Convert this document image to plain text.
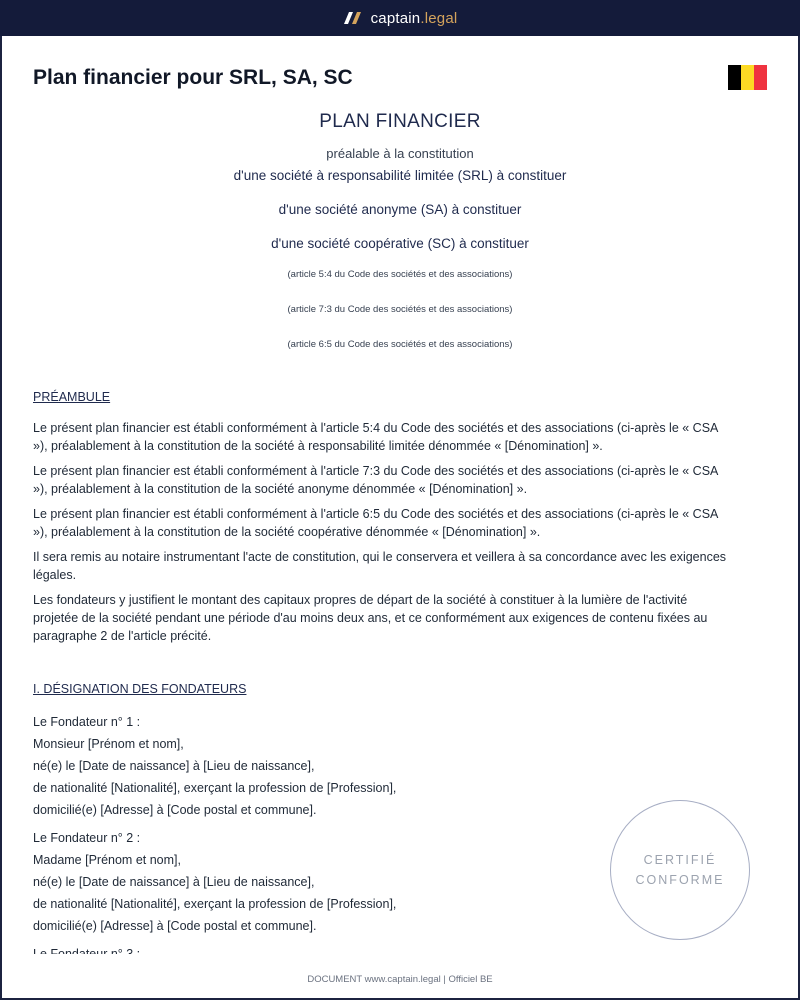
captain.legal
Plan financier pour SRL, SA, SC
PLAN FINANCIER
préalable à la constitution
d'une société à responsabilité limitée (SRL) à constituer
d'une société anonyme (SA) à constituer
d'une société coopérative (SC) à constituer
(article 5:4 du Code des sociétés et des associations)
(article 7:3 du Code des sociétés et des associations)
(article 6:5 du Code des sociétés et des associations)
PRÉAMBULE

Le présent plan financier est établi conformément à l'article 5:4 du Code des sociétés et des associations (ci-après le « CSA »), préalablement à la constitution de la société à responsabilité limitée dénommée « [Dénomination] ».

Le présent plan financier est établi conformément à l'article 7:3 du Code des sociétés et des associations (ci-après le « CSA »), préalablement à la constitution de la société anonyme dénommée « [Dénomination] ».

Le présent plan financier est établi conformément à l'article 6:5 du Code des sociétés et des associations (ci-après le « CSA »), préalablement à la constitution de la société coopérative dénommée « [Dénomination] ».

Il sera remis au notaire instrumentant l'acte de constitution, qui le conservera et veillera à sa concordance avec les exigences légales.

Les fondateurs y justifient le montant des capitaux propres de départ de la société à constituer à la lumière de l'activité projetée de la société pendant une période d'au moins deux ans, et ce conformément aux exigences de contenu fixées au paragraphe 2 de l'article précité.

I. DÉSIGNATION DES FONDATEURS
Le Fondateur n° 1 :
Monsieur [Prénom et nom],
né(e) le [Date de naissance] à [Lieu de naissance],
de nationalité [Nationalité], exerçant la profession de [Profession],
domicilié(e) [Adresse] à [Code postal et commune].
Le Fondateur n° 2 :
Madame [Prénom et nom],
né(e) le [Date de naissance] à [Lieu de naissance],
de nationalité [Nationalité], exerçant la profession de [Profession],
domicilié(e) [Adresse] à [Code postal et commune].
CERTIFIÉ
CONFORME
DOCUMENT www.captain.legal | Officiel BE
